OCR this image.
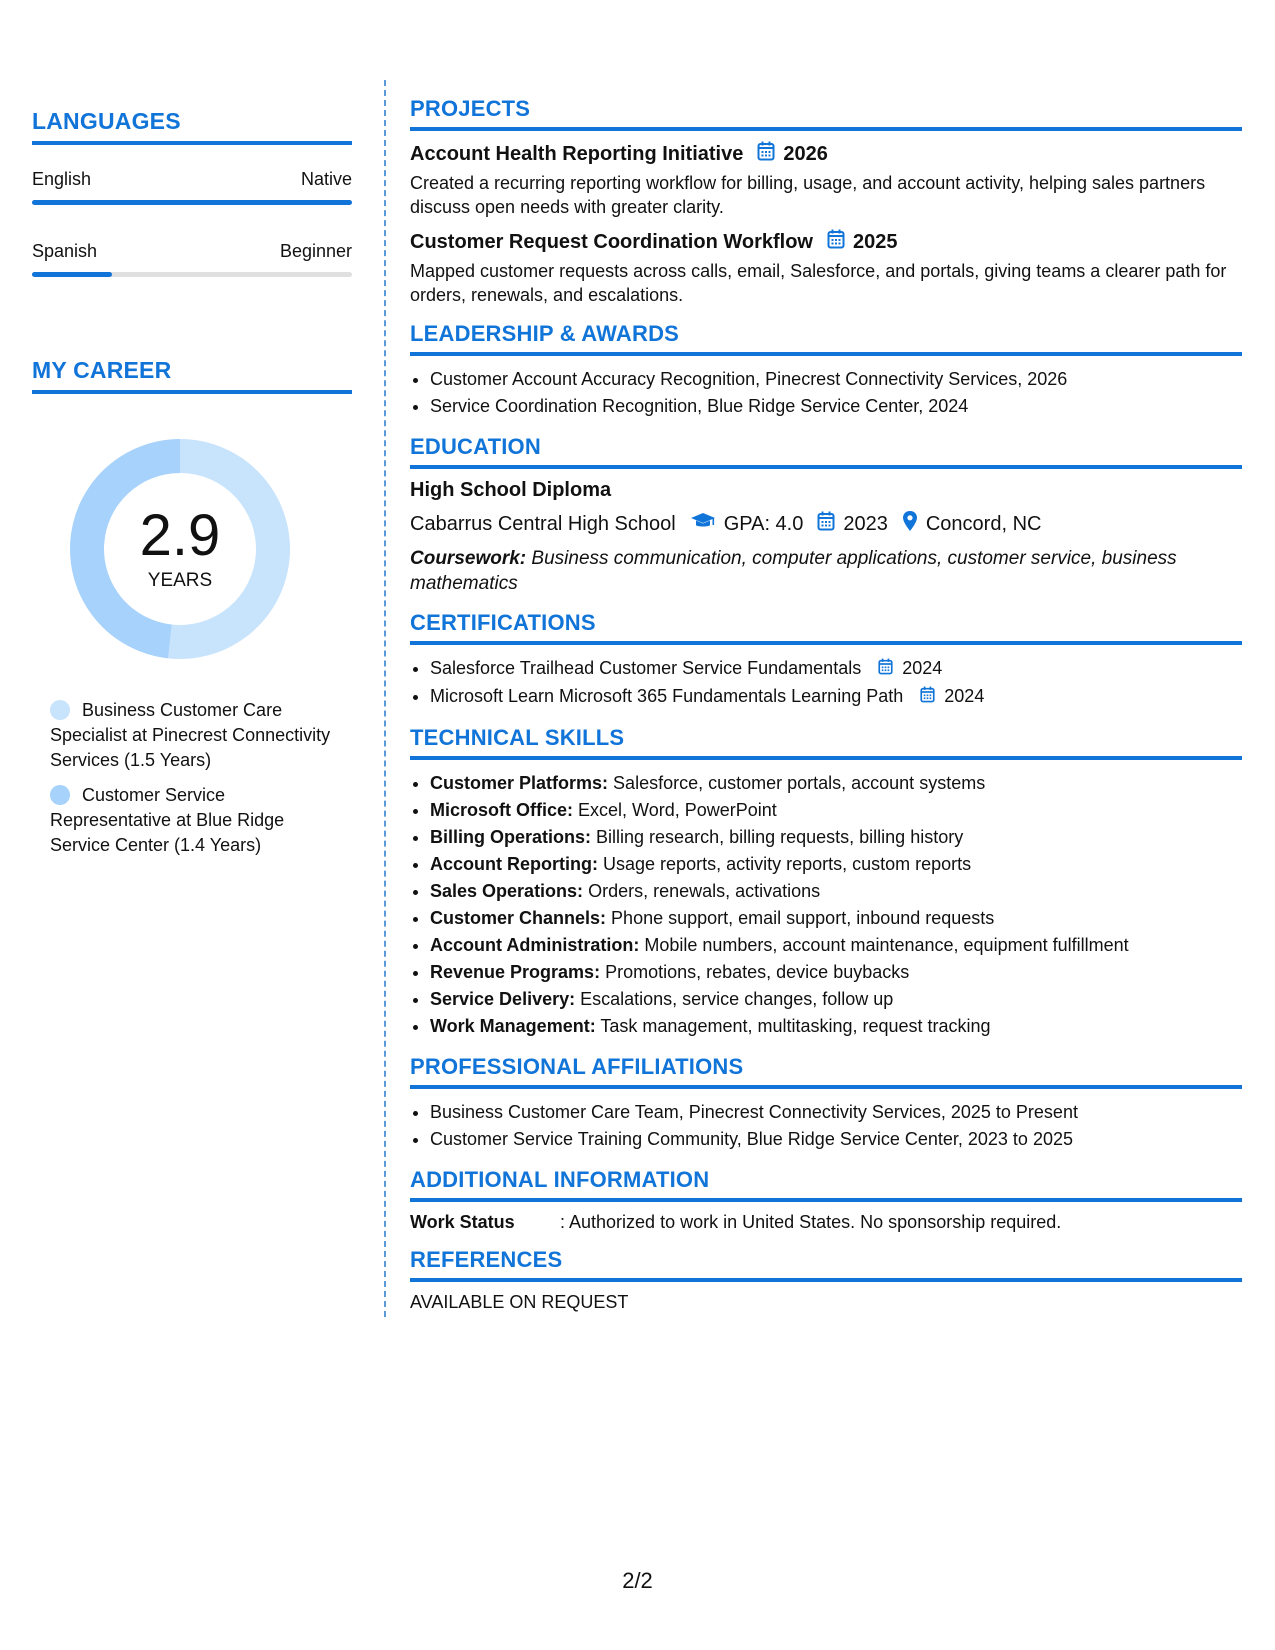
LANGUAGES
English	Native
Spanish	Beginner
MY CAREER
2.9
YEARS
Business Customer Care Specialist at Pinecrest Connectivity Services (1.5 Years)
Customer Service Representative at Blue Ridge Service Center (1.4 Years)
PROJECTS
Account Health Reporting Initiative 2026
Created a recurring reporting workflow for billing, usage, and account activity, helping sales partners discuss open needs with greater clarity.
Customer Request Coordination Workflow 2025
Mapped customer requests across calls, email, Salesforce, and portals, giving teams a clearer path for orders, renewals, and escalations.
LEADERSHIP & AWARDS
• Customer Account Accuracy Recognition, Pinecrest Connectivity Services, 2026
• Service Coordination Recognition, Blue Ridge Service Center, 2024
EDUCATION
High School Diploma
Cabarrus Central High School GPA: 4.0 2023 Concord, NC
Coursework: Business communication, computer applications, customer service, business mathematics
CERTIFICATIONS
• Salesforce Trailhead Customer Service Fundamentals 2024
• Microsoft Learn Microsoft 365 Fundamentals Learning Path 2024
TECHNICAL SKILLS
• Customer Platforms: Salesforce, customer portals, account systems
• Microsoft Office: Excel, Word, PowerPoint
• Billing Operations: Billing research, billing requests, billing history
• Account Reporting: Usage reports, activity reports, custom reports
• Sales Operations: Orders, renewals, activations
• Customer Channels: Phone support, email support, inbound requests
• Account Administration: Mobile numbers, account maintenance, equipment fulfillment
• Revenue Programs: Promotions, rebates, device buybacks
• Service Delivery: Escalations, service changes, follow up
• Work Management: Task management, multitasking, request tracking
PROFESSIONAL AFFILIATIONS
• Business Customer Care Team, Pinecrest Connectivity Services, 2025 to Present
• Customer Service Training Community, Blue Ridge Service Center, 2023 to 2025
ADDITIONAL INFORMATION
Work Status	: Authorized to work in United States. No sponsorship required.
REFERENCES
AVAILABLE ON REQUEST
2/2
